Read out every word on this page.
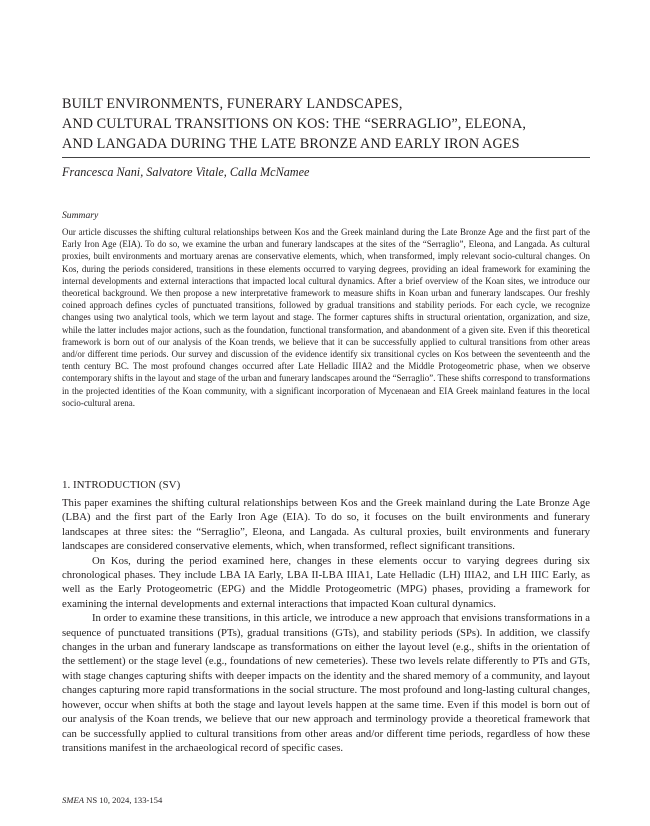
BUILT ENVIRONMENTS, FUNERARY LANDSCAPES,
AND CULTURAL TRANSITIONS ON KOS: THE “SERRAGLIO”, ELEONA,
AND LANGADA DURING THE LATE BRONZE AND EARLY IRON AGES
Francesca Nani, Salvatore Vitale, Calla McNamee
Summary

Our article discusses the shifting cultural relationships between Kos and the Greek mainland during the Late Bronze Age and the first part of the Early Iron Age (EIA). To do so, we examine the urban and funerary landscapes at the sites of the “Serraglio”, Eleona, and Langada. As cultural proxies, built environments and mortuary arenas are conservative elements, which, when transformed, imply relevant socio-cultural changes. On Kos, during the periods considered, transitions in these elements occurred to varying degrees, providing an ideal framework for examining the internal developments and external interactions that impacted local cultural dynamics. After a brief overview of the Koan sites, we introduce our theoretical background. We then propose a new interpretative framework to measure shifts in Koan urban and funerary landscapes. Our freshly coined approach defines cycles of punctuated transitions, followed by gradual transitions and stability periods. For each cycle, we recognize changes using two analytical tools, which we term layout and stage. The former captures shifts in structural orientation, organization, and size, while the latter includes major actions, such as the foundation, functional transformation, and abandonment of a given site. Even if this theoretical framework is born out of our analysis of the Koan trends, we believe that it can be successfully applied to cultural transitions from other areas and/or different time periods. Our survey and discussion of the evidence identify six transitional cycles on Kos between the seventeenth and the tenth century BC. The most profound changes occurred after Late Helladic IIIA2 and the Middle Protogeometric phase, when we observe contemporary shifts in the layout and stage of the urban and funerary landscapes around the “Serraglio”. These shifts correspond to transformations in the projected identities of the Koan community, with a significant incorporation of Mycenaean and EIA Greek mainland features in the local socio-cultural arena.

1. INTRODUCTION (SV)

This paper examines the shifting cultural relationships between Kos and the Greek mainland during the Late Bronze Age (LBA) and the first part of the Early Iron Age (EIA). To do so, it focuses on the built environments and funerary landscapes at three sites: the “Serraglio”, Eleona, and Langada. As cultural proxies, built environments and funerary landscapes are considered conservative elements, which, when transformed, reflect significant transitions.

On Kos, during the period examined here, changes in these elements occur to varying degrees during six chronological phases. They include LBA IA Early, LBA II-LBA IIIA1, Late Helladic (LH) IIIA2, and LH IIIC Early, as well as the Early Protogeometric (EPG) and the Middle Protogeometric (MPG) phases, providing a framework for examining the internal developments and external interactions that impacted Koan cultural dynamics.

In order to examine these transitions, in this article, we introduce a new approach that envisions transformations in a sequence of punctuated transitions (PTs), gradual transitions (GTs), and stability periods (SPs). In addition, we classify changes in the urban and funerary landscape as transformations on either the layout level (e.g., shifts in the orientation of the settlement) or the stage level (e.g., foundations of new cemeteries). These two levels relate differently to PTs and GTs, with stage changes capturing shifts with deeper impacts on the identity and the shared memory of a community, and layout changes capturing more rapid transformations in the social structure. The most profound and long-lasting cultural changes, however, occur when shifts at both the stage and layout levels happen at the same time. Even if this model is born out of our analysis of the Koan trends, we believe that our new approach and terminology provide a theoretical framework that can be successfully applied to cultural transitions from other areas and/or different time periods, regardless of how these transitions manifest in the archaeological record of specific cases.

SMEA NS 10, 2024, 133-154
